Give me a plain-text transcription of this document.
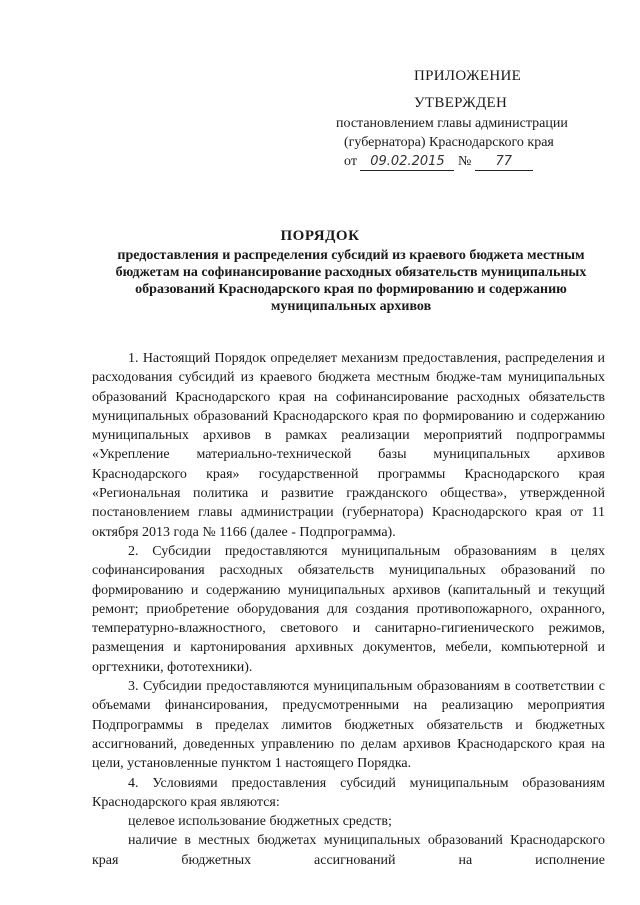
ПРИЛОЖЕНИЕ
УТВЕРЖДЕН
постановлением главы администрации
(губернатора) Краснодарского края
от 09.02.2015 № 77
ПОРЯДОК
предоставления и распределения субсидий из краевого бюджета местным бюджетам на софинансирование расходных обязательств муниципальных образований Краснодарского края по формированию и содержанию муниципальных архивов

1. Настоящий Порядок определяет механизм предоставления, распределения и расходования субсидий из краевого бюджета местным бюдже-там муниципальных образований Краснодарского края на софинансирование расходных обязательств муниципальных образований Краснодарского края по формированию и содержанию муниципальных архивов в рамках реализации мероприятий подпрограммы «Укрепление материально-технической базы муниципальных архивов Краснодарского края» государственной программы Краснодарского края «Региональная политика и развитие гражданского общества», утвержденной постановлением главы администрации (губернатора) Краснодарского края от 11 октября 2013 года № 1166 (далее - Подпрограмма).

2. Субсидии предоставляются муниципальным образованиям в целях софинансирования расходных обязательств муниципальных образований по формированию и содержанию муниципальных архивов (капитальный и текущий ремонт; приобретение оборудования для создания противопожарного, охранного, температурно-влажностного, светового и санитарно-гигиенического режимов, размещения и картонирования архивных документов, мебели, компьютерной и оргтехники, фототехники).

3. Субсидии предоставляются муниципальным образованиям в соответствии с объемами финансирования, предусмотренными на реализацию мероприятия Подпрограммы в пределах лимитов бюджетных обязательств и бюджетных ассигнований, доведенных управлению по делам архивов Краснодарского края на цели, установленные пунктом 1 настоящего Порядка.

4. Условиями предоставления субсидий муниципальным образованиям Краснодарского края являются:

целевое использование бюджетных средств;

наличие в местных бюджетах муниципальных образований Краснодарского края бюджетных ассигнований на исполнение
